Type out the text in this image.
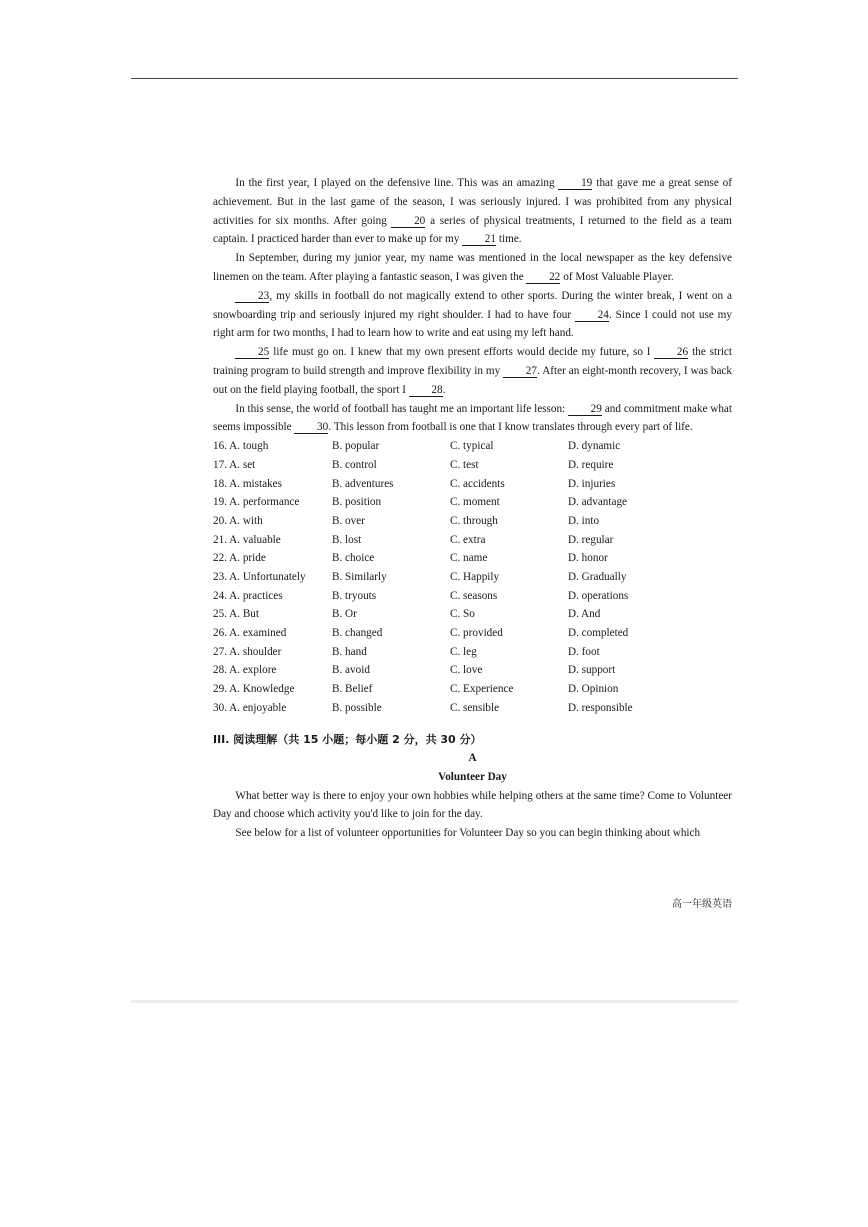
In the first year, I played on the defensive line. This was an amazing 19 that gave me a great sense of achievement. But in the last game of the season, I was seriously injured. I was prohibited from any physical activities for six months. After going 20 a series of physical treatments, I returned to the field as a team captain. I practiced harder than ever to make up for my 21 time.

In September, during my junior year, my name was mentioned in the local newspaper as the key defensive linemen on the team. After playing a fantastic season, I was given the 22 of Most Valuable Player.

23, my skills in football do not magically extend to other sports. During the winter break, I went on a snowboarding trip and seriously injured my right shoulder. I had to have four 24. Since I could not use my right arm for two months, I had to learn how to write and eat using my left hand.

25 life must go on. I knew that my own present efforts would decide my future, so I 26 the strict training program to build strength and improve flexibility in my 27. After an eight-month recovery, I was back out on the field playing football, the sport I 28.

In this sense, the world of football has taught me an important life lesson: 29 and commitment make what seems impossible 30. This lesson from football is one that I know translates through every part of life.

16. A. tough	B. popular	C. typical	D. dynamic
17. A. set	B. control	C. test	D. require
18. A. mistakes	B. adventures	C. accidents	D. injuries
19. A. performance	B. position	C. moment	D. advantage
20. A. with	B. over	C. through	D. into
21. A. valuable	B. lost	C. extra	D. regular
22. A. pride	B. choice	C. name	D. honor
23. A. Unfortunately	B. Similarly	C. Happily	D. Gradually
24. A. practices	B. tryouts	C. seasons	D. operations
25. A. But	B. Or	C. So	D. And
26. A. examined	B. changed	C. provided	D. completed
27. A. shoulder	B. hand	C. leg	D. foot
28. A. explore	B. avoid	C. love	D. support
29. A. Knowledge	B. Belief	C. Experience	D. Opinion
30. A. enjoyable	B. possible	C. sensible	D. responsible
III. 阅读理解（共 15 小题；每小题 2 分，共 30 分）
A
Volunteer Day

What better way is there to enjoy your own hobbies while helping others at the same time? Come to Volunteer Day and choose which activity you'd like to join for the day.

See below for a list of volunteer opportunities for Volunteer Day so you can begin thinking about which

高一年级英语
